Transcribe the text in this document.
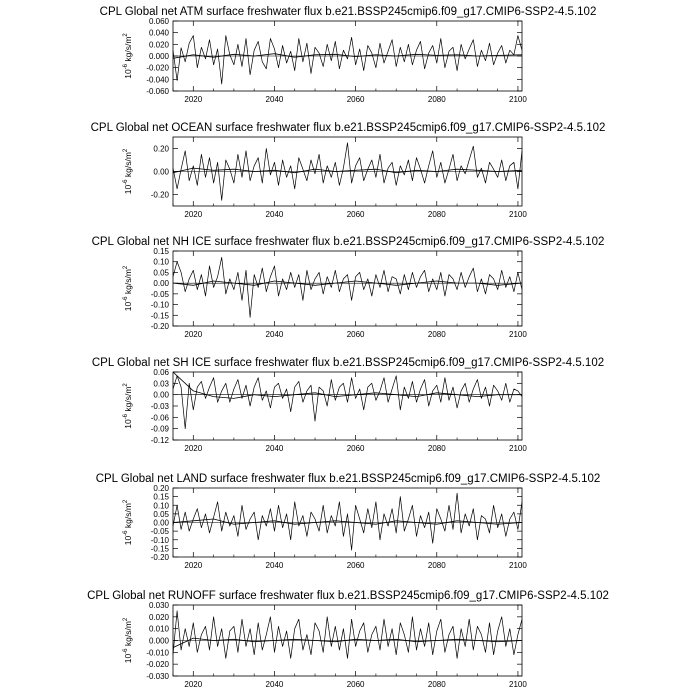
CPL Global net ATM surface freshwater flux b.e21.BSSP245cmip6.f09_g17.CMIP6-SSP2-4.5.102
-0.060
-0.040
-0.020
0.000
0.020
0.040
0.060
2020	2040	2060	2080	2100
$10^{-6}$ $kg/s/m^2$
CPL Global net OCEAN surface freshwater flux b.e21.BSSP245cmip6.f09_g17.CMIP6-SSP2-4.5.102
-0.20
0.00
0.20
2020	2040	2060	2080	2100
$10^{-6}$ $kg/s/m^2$
CPL Global net NH ICE surface freshwater flux b.e21.BSSP245cmip6.f09_g17.CMIP6-SSP2-4.5.102
-0.20
-0.15
-0.10
-0.05
0.00
0.05
0.10
0.15
2020	2040	2060	2080	2100
$10^{-6}$ $kg/s/m^2$
CPL Global net SH ICE surface freshwater flux b.e21.BSSP245cmip6.f09_g17.CMIP6-SSP2-4.5.102
-0.12
-0.09
-0.06
-0.03
0.00
0.03
0.06
2020	2040	2060	2080	2100
$10^{-6}$ $kg/s/m^2$
CPL Global net LAND surface freshwater flux b.e21.BSSP245cmip6.f09_g17.CMIP6-SSP2-4.5.102
-0.20
-0.15
-0.10
-0.05
0.00
0.05
0.10
0.15
0.20
2020	2040	2060	2080	2100
$10^{-6}$ $kg/s/m^2$
CPL Global net RUNOFF surface freshwater flux b.e21.BSSP245cmip6.f09_g17.CMIP6-SSP2-4.5.102
-0.030
-0.020
-0.010
0.000
0.010
0.020
0.030
2020	2040	2060	2080	2100
$10^{-6}$ $kg/s/m^2$
